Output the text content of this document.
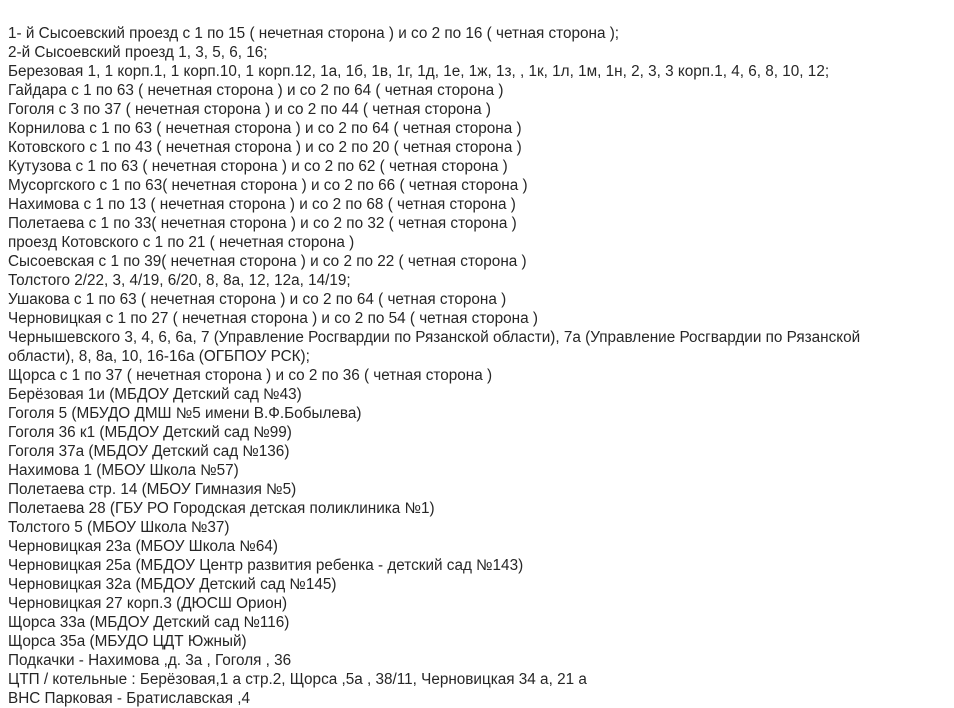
1- й Сысоевский проезд с 1 по 15 ( нечетная сторона ) и со 2 по 16 ( четная сторона );

2-й Сысоевский проезд 1, 3, 5, 6, 16;

Березовая 1, 1 корп.1, 1 корп.10, 1 корп.12, 1а, 1б, 1в, 1г, 1д, 1е, 1ж, 1з, , 1к, 1л, 1м, 1н, 2, 3, 3 корп.1, 4, 6, 8, 10, 12;

Гайдара с 1 по 63 ( нечетная сторона ) и со 2 по 64 ( четная сторона )

Гоголя с 3 по 37 ( нечетная сторона ) и со 2 по 44 ( четная сторона )

Корнилова с 1 по 63 ( нечетная сторона ) и со 2 по 64 ( четная сторона )

Котовского с 1 по 43 ( нечетная сторона ) и со 2 по 20 ( четная сторона )

Кутузова с 1 по 63 ( нечетная сторона ) и со 2 по 62 ( четная сторона )

Мусоргского с 1 по 63( нечетная сторона ) и со 2 по 66 ( четная сторона )

Нахимова с 1 по 13 ( нечетная сторона ) и со 2 по 68 ( четная сторона )

Полетаева с 1 по 33( нечетная сторона ) и со 2 по 32 ( четная сторона )

проезд Котовского с 1 по 21 ( нечетная сторона )

Сысоевская с 1 по 39( нечетная сторона ) и со 2 по 22 ( четная сторона )

Толстого 2/22, 3, 4/19, 6/20, 8, 8а, 12, 12а, 14/19;

Ушакова с 1 по 63 ( нечетная сторона ) и со 2 по 64 ( четная сторона )

Черновицкая с 1 по 27 ( нечетная сторона ) и со 2 по 54 ( четная сторона )

Чернышевского 3, 4, 6, 6а, 7 (Управление Росгвардии по Рязанской области), 7а (Управление Росгвардии по Рязанской области), 8, 8а, 10, 16-16а (ОГБПОУ РСК);

Щорса с 1 по 37 ( нечетная сторона ) и со 2 по 36 ( четная сторона )

Берёзовая 1и (МБДОУ Детский сад №43)

Гоголя 5 (МБУДО ДМШ №5 имени В.Ф.Бобылева)

Гоголя 36 к1 (МБДОУ Детский сад №99)

Гоголя 37а (МБДОУ Детский сад №136)

Нахимова 1 (МБОУ Школа №57)

Полетаева стр. 14 (МБОУ Гимназия №5)

Полетаева 28 (ГБУ РО Городская детская поликлиника №1)

Толстого 5 (МБОУ Школа №37)

Черновицкая 23а (МБОУ Школа №64)

Черновицкая 25а (МБДОУ Центр развития ребенка - детский сад №143)

Черновицкая 32а (МБДОУ Детский сад №145)

Черновицкая 27 корп.3 (ДЮСШ Орион)

Щорса 33а (МБДОУ Детский сад №116)

Щорса 35а (МБУДО ЦДТ Южный)

Подкачки - Нахимова ,д. 3а , Гоголя , 36

ЦТП / котельные : Берёзовая,1 а стр.2, Щорса ,5а , 38/11, Черновицкая 34 а, 21 а

ВНС Парковая - Братиславская ,4
